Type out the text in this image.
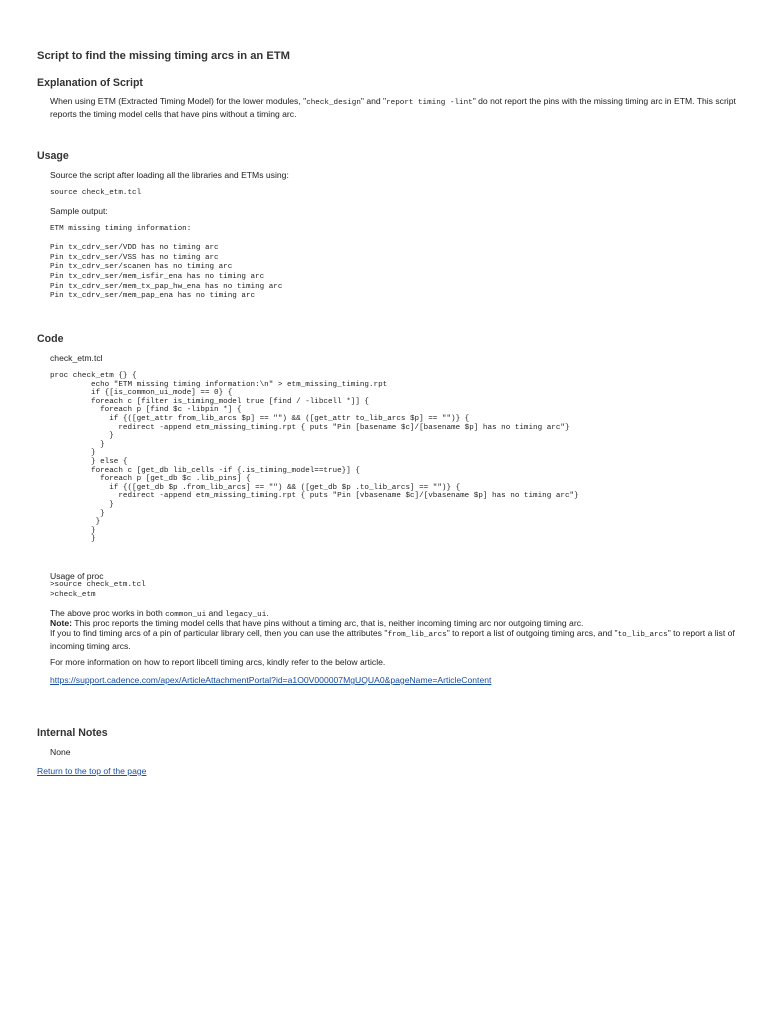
Script to find the missing timing arcs in an ETM
Explanation of Script
When using ETM (Extracted Timing Model) for the lower modules, "check_design" and "report timing -lint" do not report the pins with the missing timing arc in ETM. This script reports the timing model cells that have pins without a timing arc.
Usage
Source the script after loading all the libraries and ETMs using:
source check_etm.tcl
Sample output:
ETM missing timing information:

Pin tx_cdrv_ser/VDD has no timing arc
Pin tx_cdrv_ser/VSS has no timing arc
Pin tx_cdrv_ser/scanen has no timing arc
Pin tx_cdrv_ser/mem_isfir_ena has no timing arc
Pin tx_cdrv_ser/mem_tx_pap_hw_ena has no timing arc
Pin tx_cdrv_ser/mem_pap_ena has no timing arc
Code
check_etm.tcl
proc check_etm {} {
echo "ETM missing timing information:\n" > etm_missing_timing.rpt
if {[is_common_ui_mode] == 0} {
foreach c [filter is_timing_model true [find / -libcell *]] {
foreach p [find $c -libpin *] {
if {([get_attr from_lib_arcs $p] == "") && ([get_attr to_lib_arcs $p] == "")} {
redirect -append etm_missing_timing.rpt { puts "Pin [basename $c]/[basename $p] has no timing arc"}
}
}
}
} else {
foreach c [get_db lib_cells -if {.is_timing_model==true}] {
foreach p [get_db $c .lib_pins] {
if {([get_db $p .from_lib_arcs] == "") && ([get_db $p .to_lib_arcs] == "")} {
redirect -append etm_missing_timing.rpt { puts "Pin [vbasename $c]/[vbasename $p] has no timing arc"}
}
}
}
}
}
Usage of proc
>source check_etm.tcl
>check_etm
The above proc works in both common_ui and legacy_ui.
Note: This proc reports the timing model cells that have pins without a timing arc, that is, neither incoming timing arc nor outgoing timing arc.
If you to find timing arcs of a pin of particular library cell, then you can use the attributes "from_lib_arcs" to report a list of outgoing timing arcs, and "to_lib_arcs" to report a list of incoming timing arcs.
For more information on how to report libcell timing arcs, kindly refer to the below article.
https://support.cadence.com/apex/ArticleAttachmentPortal?id=a1O0V000007MgUQUA0&pageName=ArticleContent
Internal Notes
None
Return to the top of the page
